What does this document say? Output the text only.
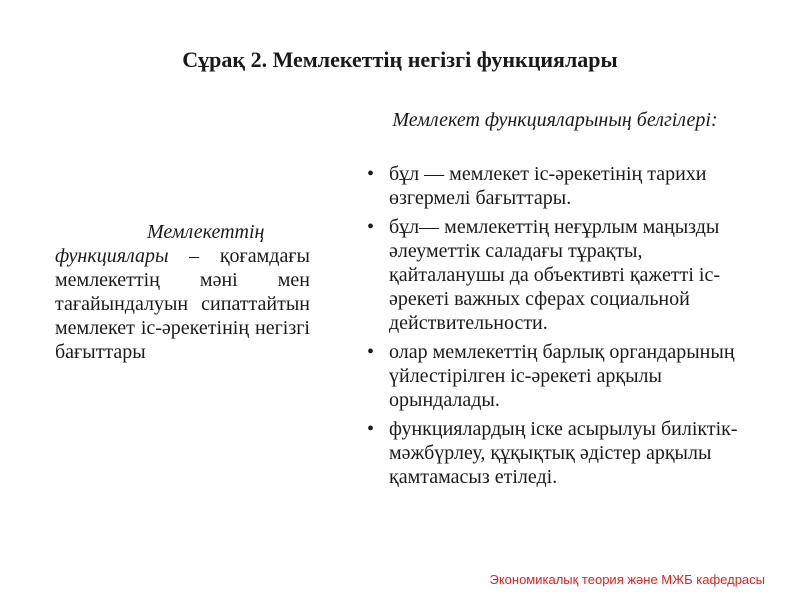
Сұрақ 2. Мемлекеттің негізгі функциялары
Мемлекеттің функциялары – қоғамдағы мемлекеттің мәні мен тағайындалуын сипаттайтын мемлекет іс-әрекетінің негізгі бағыттары
Мемлекет функцияларының белгілері:
• бұл — мемлекет іс-әрекетінің тарихи өзгермелі бағыттары.
• бұл— мемлекеттің неғұрлым маңызды әлеуметтік саладағы тұрақты, қайталанушы да объективті қажетті іс-әрекеті важных сферах социальной действительности.
• олар мемлекеттің барлық органдарының үйлестірілген іс-әрекеті арқылы орындалады.
• функциялардың іске асырылуы биліктік-мәжбүрлеу, құқықтық әдістер арқылы қамтамасыз етіледі.
Экономикалық теория және МЖБ кафедрасы
